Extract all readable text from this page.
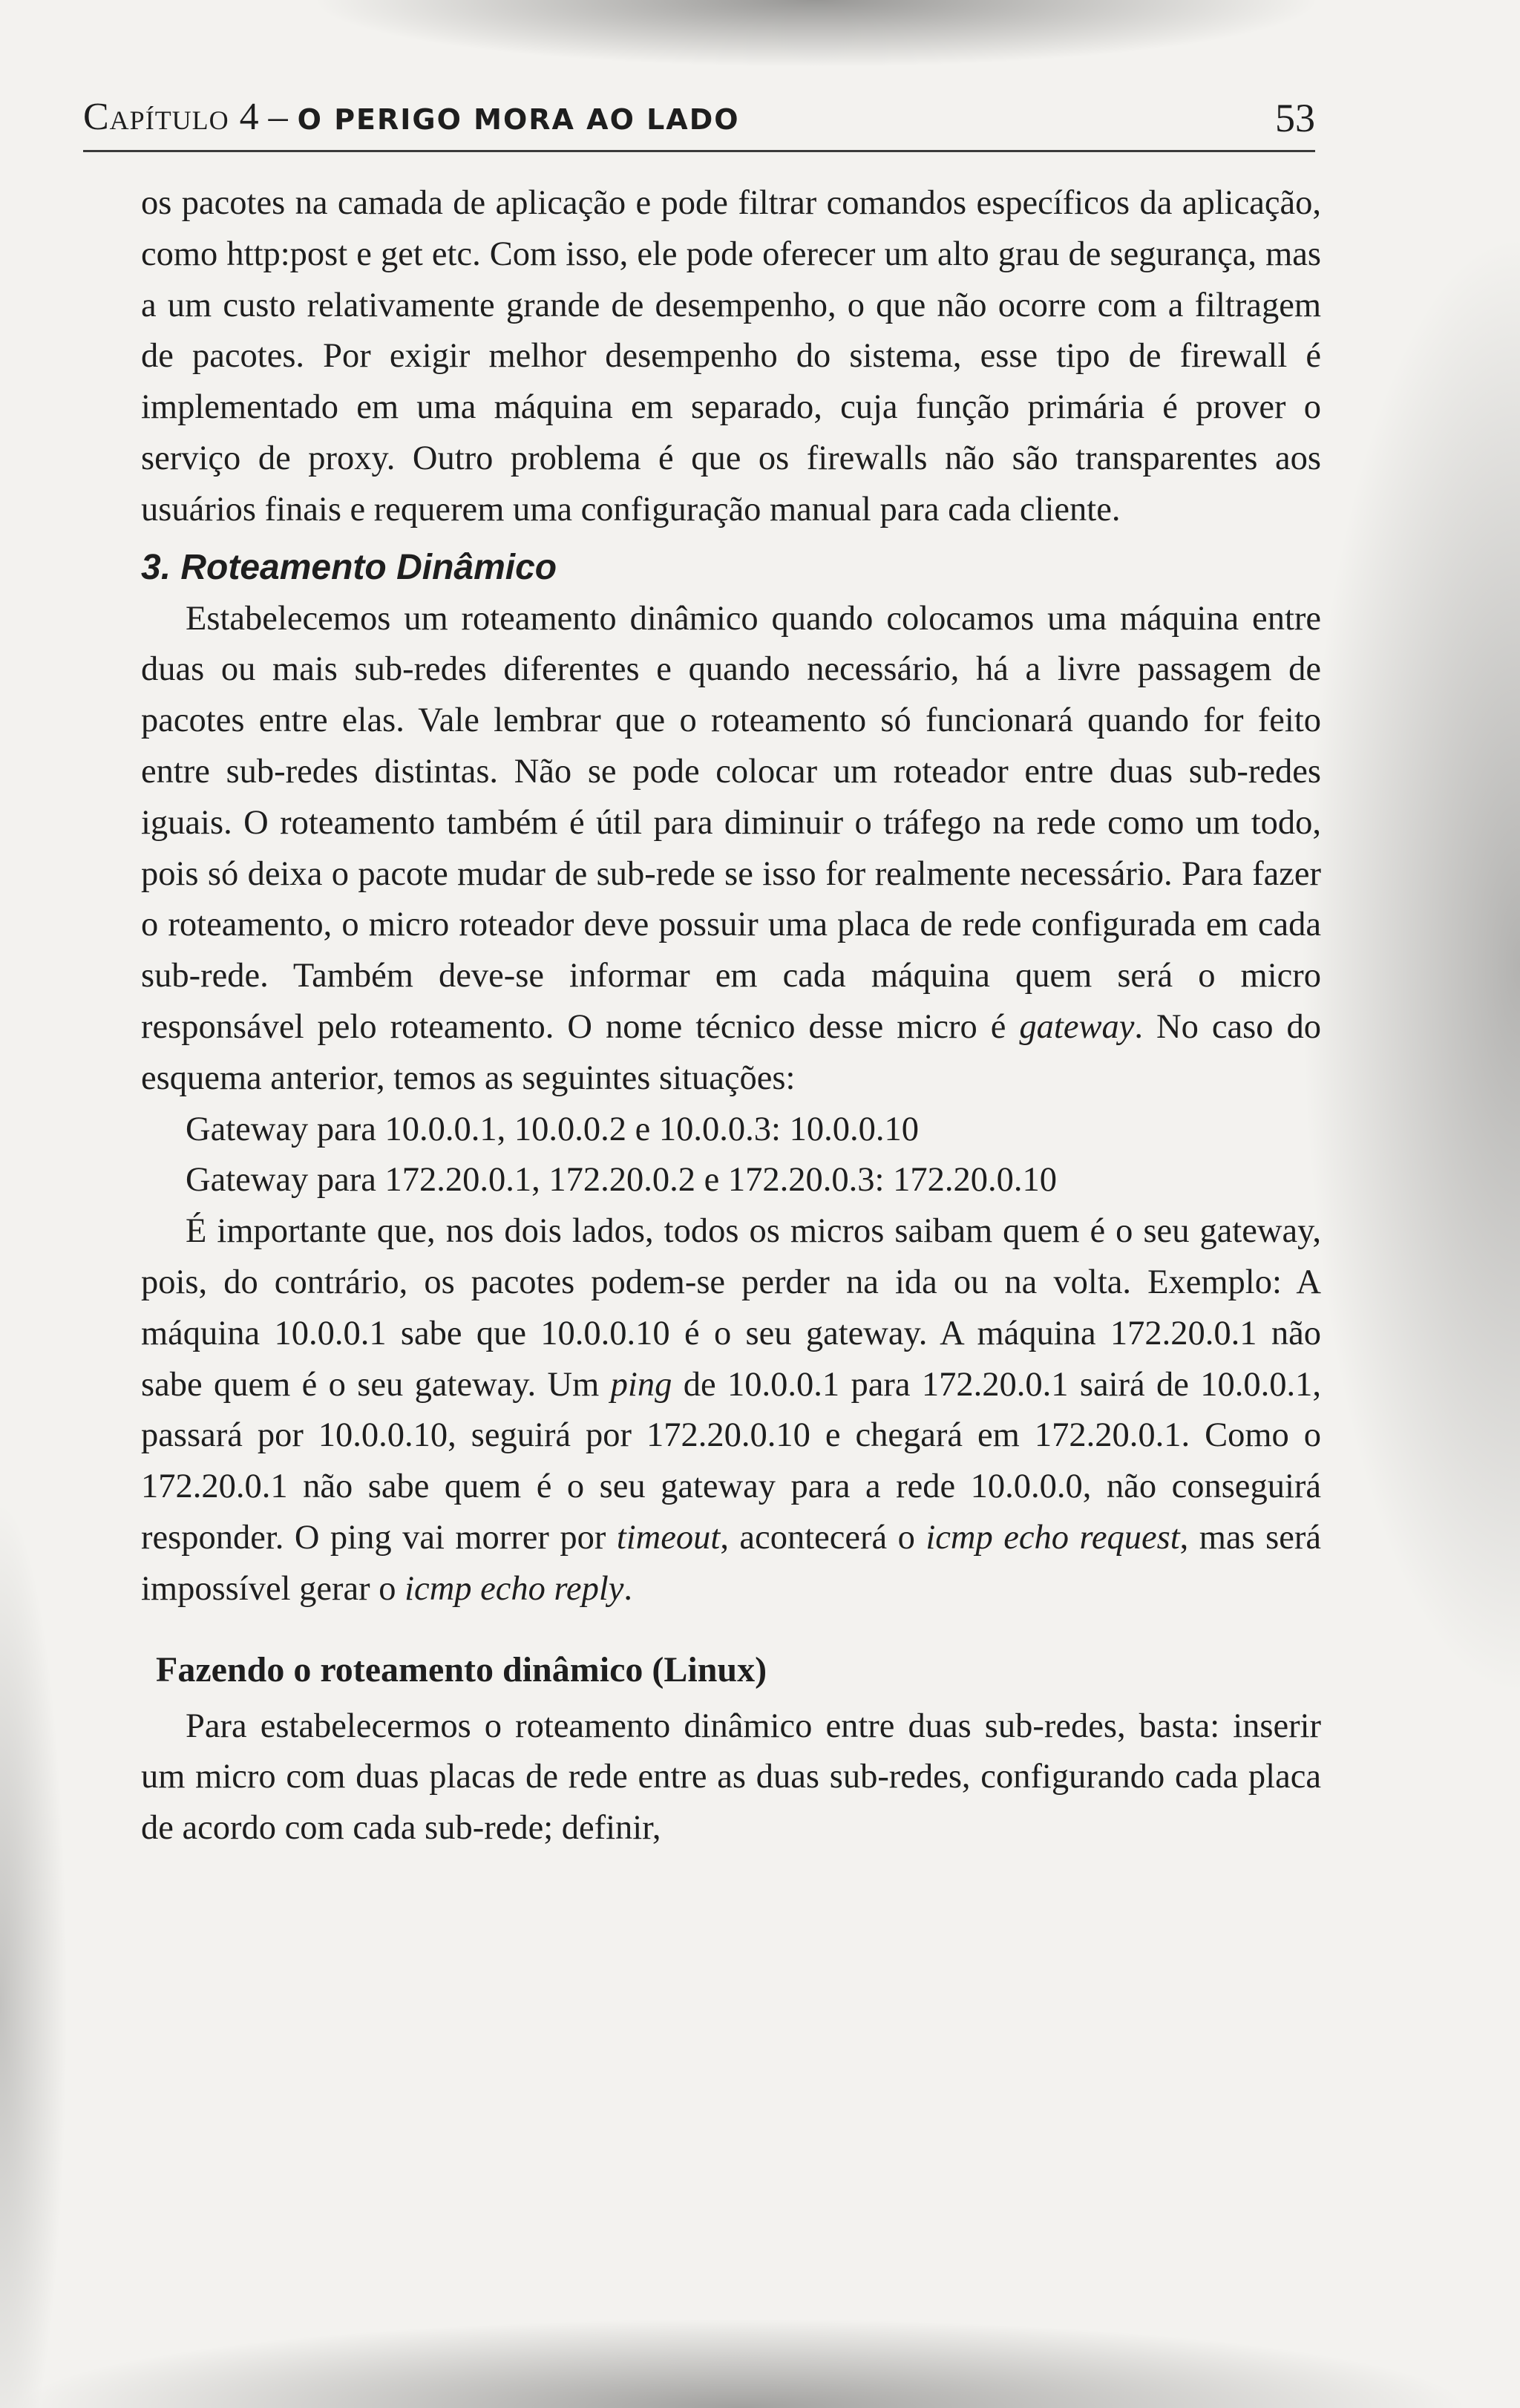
Capítulo 4 – O PERIGO MORA AO LADO	53

os pacotes na camada de aplicação e pode filtrar comandos específicos da aplicação, como http:post e get etc. Com isso, ele pode oferecer um alto grau de segurança, mas a um custo relativamente grande de desempenho, o que não ocorre com a filtragem de pacotes. Por exigir melhor desempenho do sistema, esse tipo de firewall é implementado em uma máquina em separado, cuja função primária é prover o serviço de proxy. Outro problema é que os firewalls não são transparentes aos usuários finais e requerem uma configuração manual para cada cliente.

3. Roteamento Dinâmico

Estabelecemos um roteamento dinâmico quando colocamos uma máquina entre duas ou mais sub-redes diferentes e quando necessário, há a livre passagem de pacotes entre elas. Vale lembrar que o roteamento só funcionará quando for feito entre sub-redes distintas. Não se pode colocar um roteador entre duas sub-redes iguais. O roteamento também é útil para diminuir o tráfego na rede como um todo, pois só deixa o pacote mudar de sub-rede se isso for realmente necessário. Para fazer o roteamento, o micro roteador deve possuir uma placa de rede configurada em cada sub-rede. Também deve-se informar em cada máquina quem será o micro responsável pelo roteamento. O nome técnico desse micro é gateway. No caso do esquema anterior, temos as seguintes situações:

Gateway para 10.0.0.1, 10.0.0.2 e 10.0.0.3: 10.0.0.10

Gateway para 172.20.0.1, 172.20.0.2 e 172.20.0.3: 172.20.0.10

É importante que, nos dois lados, todos os micros saibam quem é o seu gateway, pois, do contrário, os pacotes podem-se perder na ida ou na volta. Exemplo: A máquina 10.0.0.1 sabe que 10.0.0.10 é o seu gateway. A máquina 172.20.0.1 não sabe quem é o seu gateway. Um ping de 10.0.0.1 para 172.20.0.1 sairá de 10.0.0.1, passará por 10.0.0.10, seguirá por 172.20.0.10 e chegará em 172.20.0.1. Como o 172.20.0.1 não sabe quem é o seu gateway para a rede 10.0.0.0, não conseguirá responder. O ping vai morrer por timeout, acontecerá o icmp echo request, mas será impossível gerar o icmp echo reply.

Fazendo o roteamento dinâmico (Linux)

Para estabelecermos o roteamento dinâmico entre duas sub-redes, basta: inserir um micro com duas placas de rede entre as duas sub-redes, configurando cada placa de acordo com cada sub-rede; definir,
